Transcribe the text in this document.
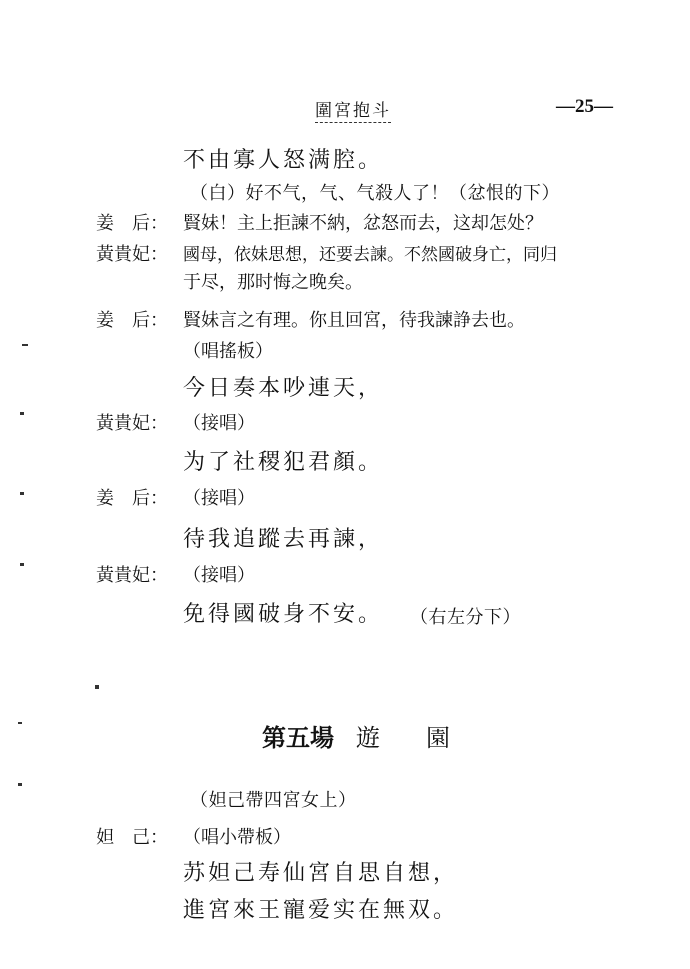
圍宮抱斗	—25—
不由寡人怒满腔。
（白）好不气，气、气殺人了！（忿恨的下）
姜　后： 賢妹！主上拒諫不納，忿怒而去，这却怎处？
黃貴妃： 國母，依妹思想，还要去諫。不然國破身亡，同归
于尽，那时悔之晚矣。
姜　后： 賢妹言之有理。你且回宮，待我諫諍去也。
（唱搖板）
今日奏本吵連天，
黃貴妃： （接唱）
为了社稷犯君顏。
姜　后： （接唱）
待我追蹤去再諫，
黃貴妃： （接唱）
免得國破身不安。 （右左分下）
第五場 遊園
（妲己帶四宮女上）
妲　己： （唱小帶板）
苏妲己寿仙宮自思自想，
進宮來王寵爱实在無双。
